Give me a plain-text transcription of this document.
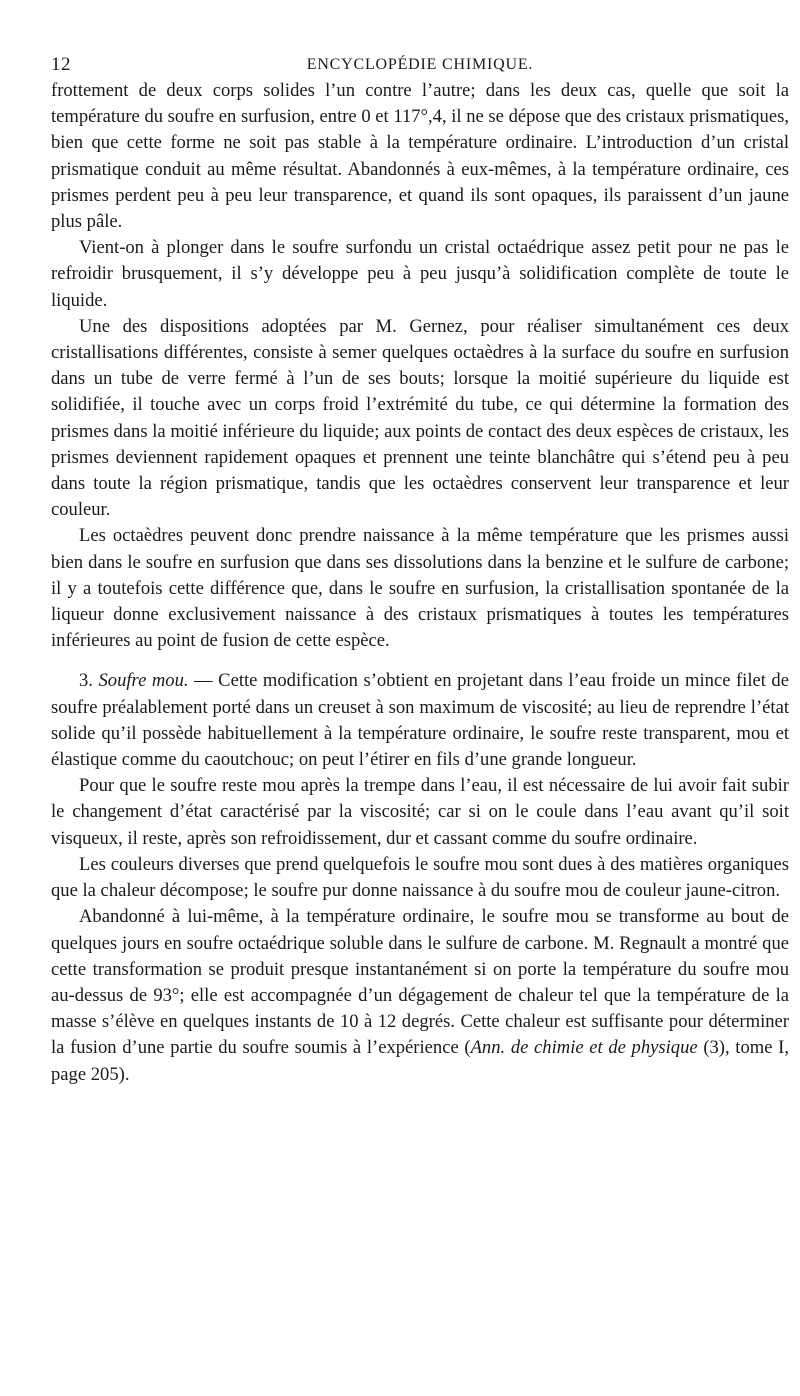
12	ENCYCLOPÉDIE CHIMIQUE.

frottement de deux corps solides l’un contre l’autre; dans les deux cas, quelle que soit la température du soufre en surfusion, entre 0 et 117°,4, il ne se dépose que des cristaux prismatiques, bien que cette forme ne soit pas stable à la température ordinaire. L’introduction d’un cristal prismatique conduit au même résultat. Abandonnés à eux-mêmes, à la température ordinaire, ces prismes perdent peu à peu leur transparence, et quand ils sont opaques, ils paraissent d’un jaune plus pâle.

Vient-on à plonger dans le soufre surfondu un cristal octaédrique assez petit pour ne pas le refroidir brusquement, il s’y développe peu à peu jusqu’à solidification complète de toute le liquide.

Une des dispositions adoptées par M. Gernez, pour réaliser simultanément ces deux cristallisations différentes, consiste à semer quelques octaèdres à la surface du soufre en surfusion dans un tube de verre fermé à l’un de ses bouts; lorsque la moitié supérieure du liquide est solidifiée, il touche avec un corps froid l’extrémité du tube, ce qui détermine la formation des prismes dans la moitié inférieure du liquide; aux points de contact des deux espèces de cristaux, les prismes deviennent rapidement opaques et prennent une teinte blanchâtre qui s’étend peu à peu dans toute la région prismatique, tandis que les octaèdres conservent leur transparence et leur couleur.

Les octaèdres peuvent donc prendre naissance à la même température que les prismes aussi bien dans le soufre en surfusion que dans ses dissolutions dans la benzine et le sulfure de carbone; il y a toutefois cette différence que, dans le soufre en surfusion, la cristallisation spontanée de la liqueur donne exclusivement naissance à des cristaux prismatiques à toutes les températures inférieures au point de fusion de cette espèce.

3. Soufre mou. — Cette modification s’obtient en projetant dans l’eau froide un mince filet de soufre préalablement porté dans un creuset à son maximum de viscosité; au lieu de reprendre l’état solide qu’il possède habituellement à la température ordinaire, le soufre reste transparent, mou et élastique comme du caoutchouc; on peut l’étirer en fils d’une grande longueur.

Pour que le soufre reste mou après la trempe dans l’eau, il est nécessaire de lui avoir fait subir le changement d’état caractérisé par la viscosité; car si on le coule dans l’eau avant qu’il soit visqueux, il reste, après son refroidissement, dur et cassant comme du soufre ordinaire.

Les couleurs diverses que prend quelquefois le soufre mou sont dues à des matières organiques que la chaleur décompose; le soufre pur donne naissance à du soufre mou de couleur jaune-citron.

Abandonné à lui-même, à la température ordinaire, le soufre mou se transforme au bout de quelques jours en soufre octaédrique soluble dans le sulfure de carbone. M. Regnault a montré que cette transformation se produit presque instantanément si on porte la température du soufre mou au-dessus de 93°; elle est accompagnée d’un dégagement de chaleur tel que la température de la masse s’élève en quelques instants de 10 à 12 degrés. Cette chaleur est suffisante pour déterminer la fusion d’une partie du soufre soumis à l’expérience (Ann. de chimie et de physique (3), tome I, page 205).
